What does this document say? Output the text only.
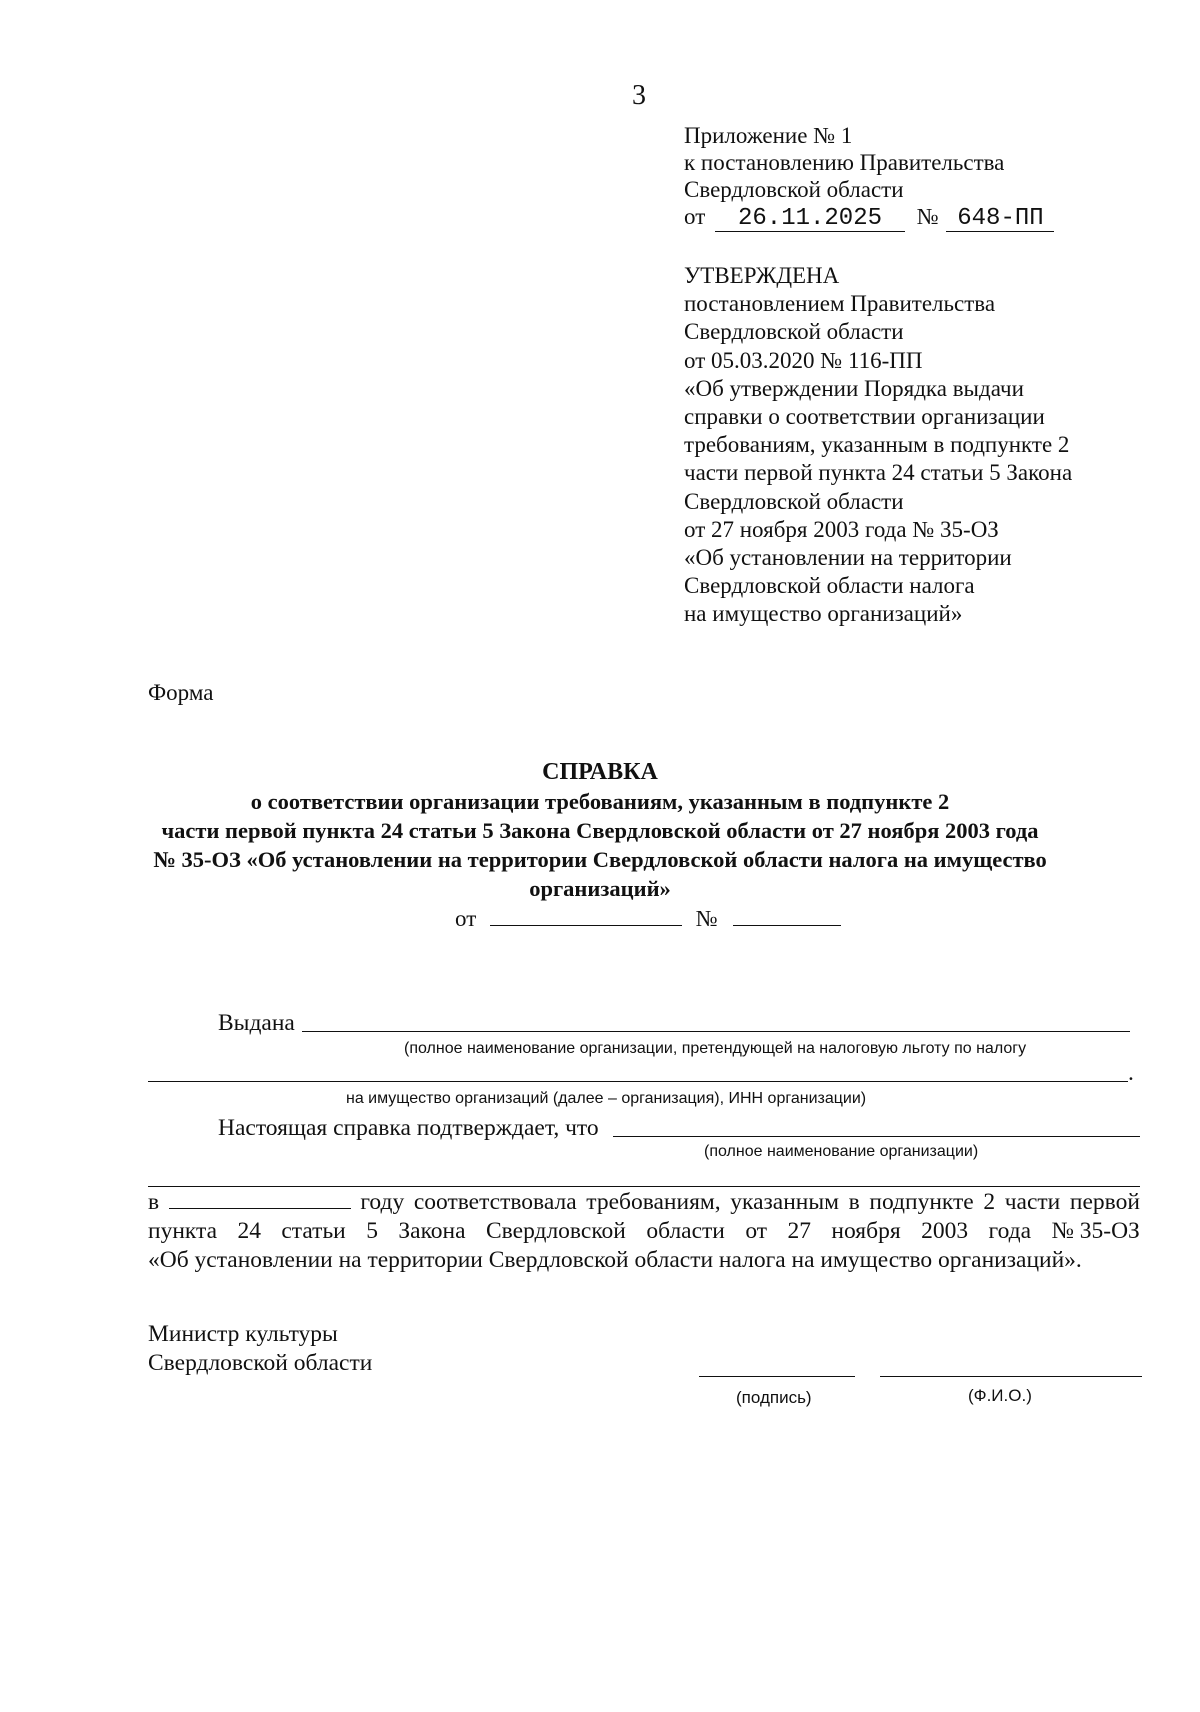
3
Приложение № 1
к постановлению Правительства
Свердловской области
от 26.11.2025 № 648-ПП
УТВЕРЖДЕНА
постановлением Правительства
Свердловской области
от 05.03.2020 № 116-ПП
«Об утверждении Порядка выдачи
справки о соответствии организации
требованиям, указанным в подпункте 2
части первой пункта 24 статьи 5 Закона
Свердловской области
от 27 ноября 2003 года № 35-ОЗ
«Об установлении на территории
Свердловской области налога
на имущество организаций»
Форма
СПРАВКА
о соответствии организации требованиям, указанным в подпункте 2
части первой пункта 24 статьи 5 Закона Свердловской области от 27 ноября 2003 года
№ 35-ОЗ «Об установлении на территории Свердловской области налога на имущество
организаций»
от	№
Выдана
(полное наименование организации, претендующей на налоговую льготу по налогу
.
на имущество организаций (далее – организация), ИНН организации)
Настоящая справка подтверждает, что
(полное наименование организации)
в	году соответствовала требованиям, указанным в подпункте 2 части первой
пункта 24 статьи 5 Закона Свердловской области от 27 ноября 2003 года № 35-ОЗ
«Об установлении на территории Свердловской области налога на имущество организаций».
Министр культуры
Свердловской области
(подпись)	(Ф.И.О.)
